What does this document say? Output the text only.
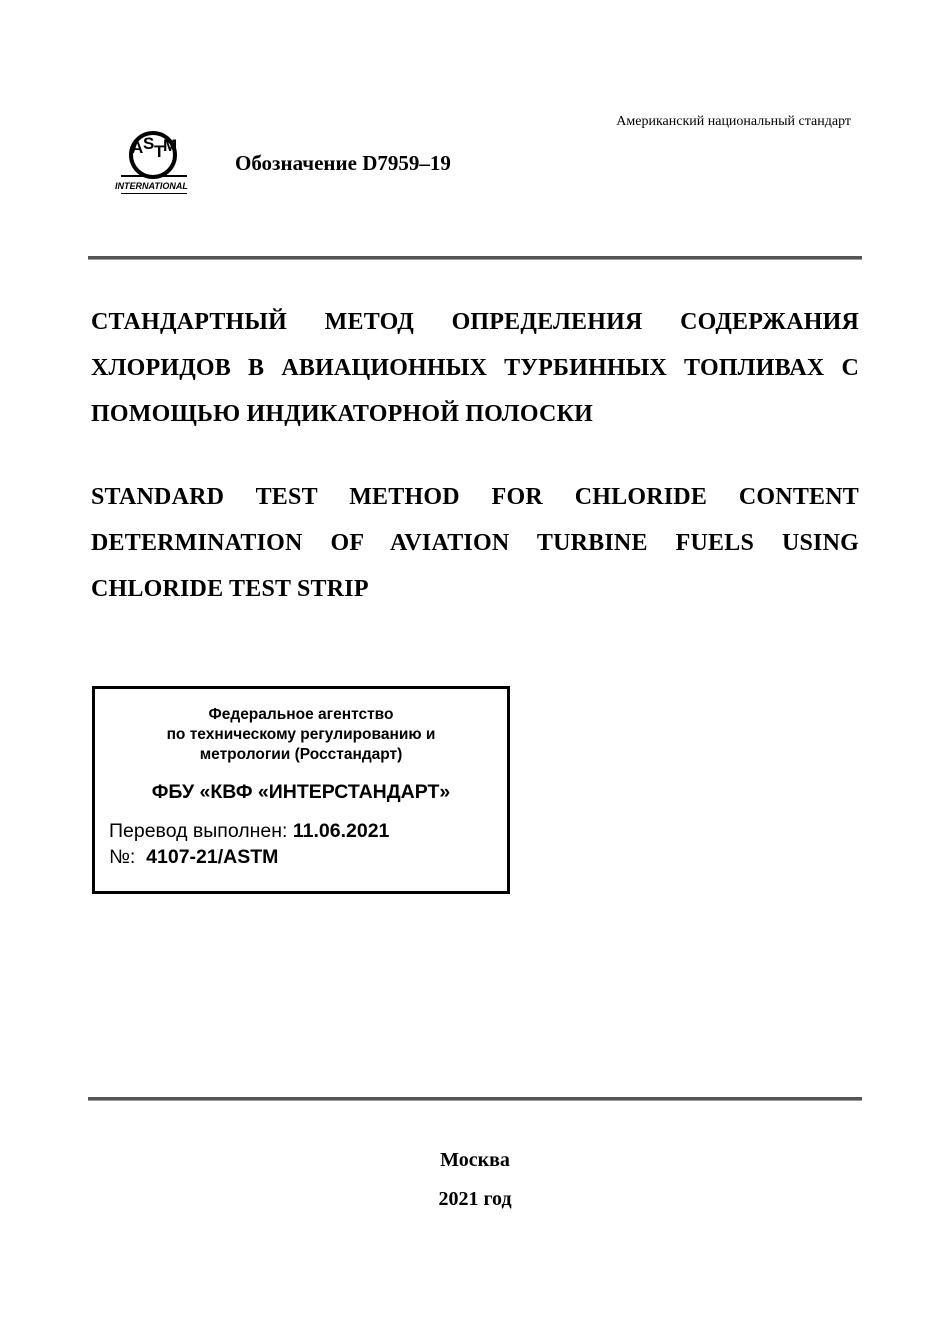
Американский национальный стандарт
A S T
M
INTERNATIONAL
Обозначение D7959–19
СТАНДАРТНЫЙ МЕТОД ОПРЕДЕЛЕНИЯ СОДЕРЖАНИЯ ХЛОРИДОВ В АВИАЦИОННЫХ ТУРБИННЫХ ТОПЛИВАХ С ПОМОЩЬЮ ИНДИКАТОРНОЙ ПОЛОСКИ
STANDARD TEST METHOD FOR CHLORIDE CONTENT DETERMINATION OF AVIATION TURBINE FUELS USING CHLORIDE TEST STRIP
Федеральное агентство
по техническому регулированию и
метрологии (Росстандарт)
ФБУ «КВФ «ИНТЕРСТАНДАРТ»
Перевод выполнен: 11.06.2021
№:  4107-21/ASTM
Москва
2021 год
